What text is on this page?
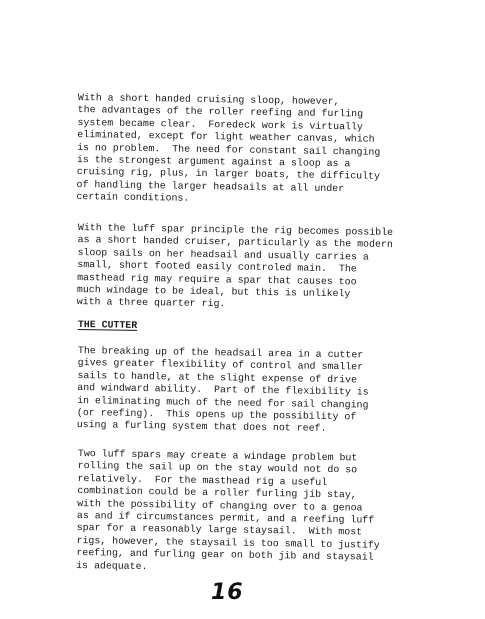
With a short handed cruising sloop, however,
the advantages of the roller reefing and furling
system became clear.  Foredeck work is virtually
eliminated, except for light weather canvas, which
is no problem.  The need for constant sail changing
is the strongest argument against a sloop as a
cruising rig, plus, in larger boats, the difficulty
of handling the larger headsails at all under
certain conditions.

With the luff spar principle the rig becomes possible
as a short handed cruiser, particularly as the modern
sloop sails on her headsail and usually carries a
small, short footed easily controled main.  The
masthead rig may require a spar that causes too
much windage to be ideal, but this is unlikely
with a three quarter rig.

THE CUTTER

The breaking up of the headsail area in a cutter
gives greater flexibility of control and smaller
sails to handle, at the slight expense of drive
and windward ability.  Part of the flexibility is
in eliminating much of the need for sail changing
(or reefing).  This opens up the possibility of
using a furling system that does not reef.

Two luff spars may create a windage problem but
rolling the sail up on the stay would not do so
relatively.  For the masthead rig a useful
combination could be a roller furling jib stay,
with the possibility of changing over to a genoa
as and if circumstances permit, and a reefing luff
spar for a reasonably large staysail.  With most
rigs, however, the staysail is too small to justify
reefing, and furling gear on both jib and staysail
is adequate.

16
